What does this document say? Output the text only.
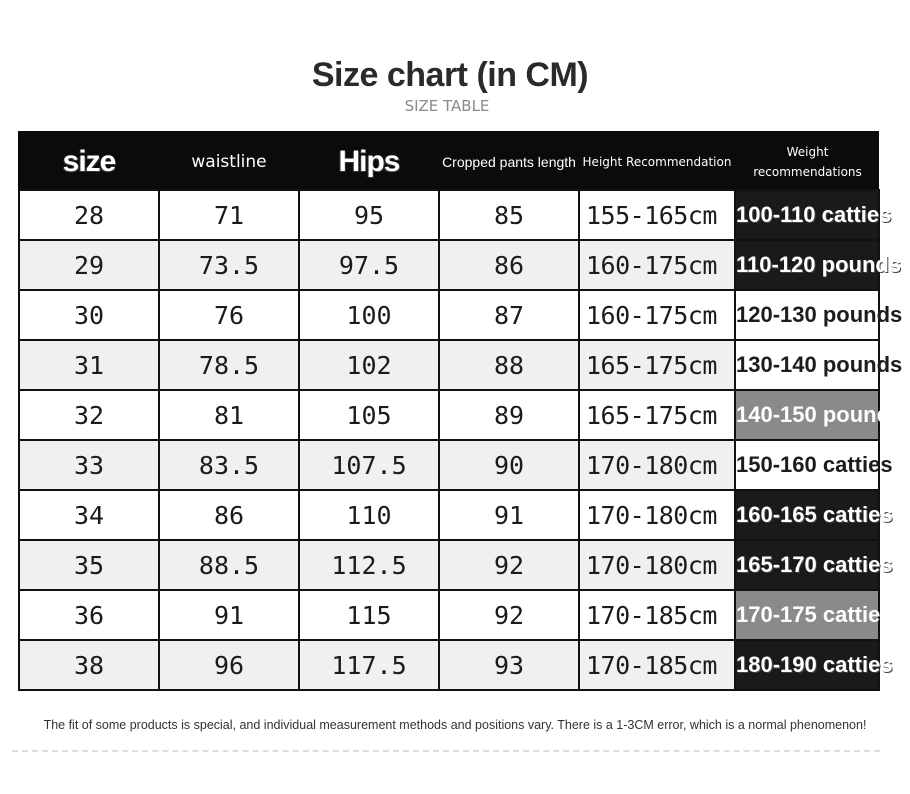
Size chart (in CM)
SIZE TABLE
size	waistline	Hips	Cropped pants length	Height Recommendation	Weight recommendations
28	71	95	85	155-165cm	100-110 catties
29	73.5	97.5	86	160-175cm	110-120 pounds
30	76	100	87	160-175cm	120-130 pounds
31	78.5	102	88	165-175cm	130-140 pounds
32	81	105	89	165-175cm	140-150 pounds
33	83.5	107.5	90	170-180cm	150-160 catties
34	86	110	91	170-180cm	160-165 catties
35	88.5	112.5	92	170-180cm	165-170 catties
36	91	115	92	170-185cm	170-175 catties
38	96	117.5	93	170-185cm	180-190 catties
The fit of some products is special, and individual measurement methods and positions vary. There is a 1-3CM error, which is a normal phenomenon!
